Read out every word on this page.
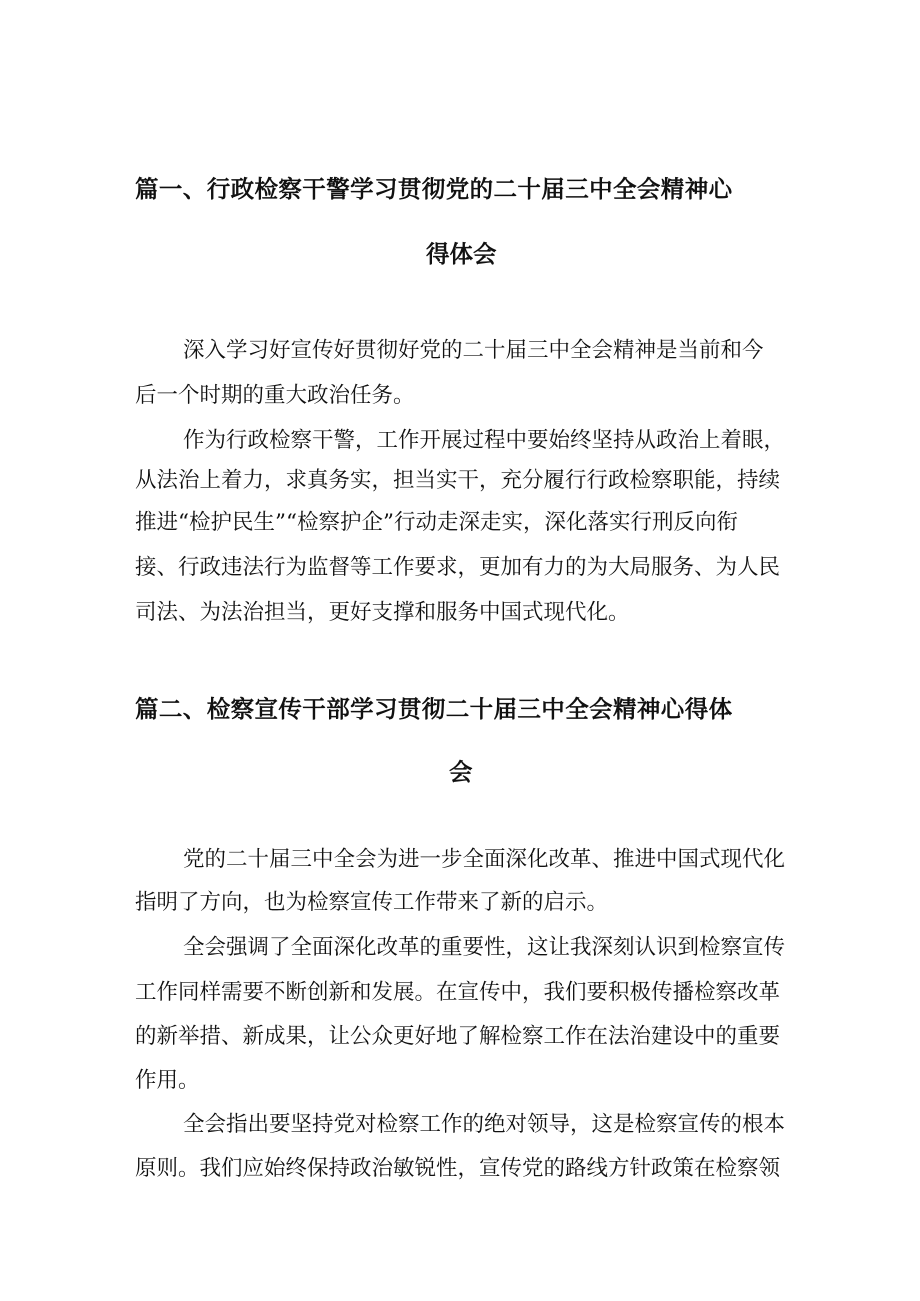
篇一、行政检察干警学习贯彻党的二十届三中全会精神心
得体会

深入学习好宣传好贯彻好党的二十届三中全会精神是当前和今

后一个时期的重大政治任务。

作为行政检察干警，工作开展过程中要始终坚持从政治上着眼，

从法治上着力，求真务实，担当实干，充分履行行政检察职能，持续

推进“检护民生”“检察护企”行动走深走实，深化落实行刑反向衔

接、行政违法行为监督等工作要求，更加有力的为大局服务、为人民

司法、为法治担当，更好支撑和服务中国式现代化。

篇二、检察宣传干部学习贯彻二十届三中全会精神心得体
会

党的二十届三中全会为进一步全面深化改革、推进中国式现代化

指明了方向，也为检察宣传工作带来了新的启示。

全会强调了全面深化改革的重要性，这让我深刻认识到检察宣传

工作同样需要不断创新和发展。在宣传中，我们要积极传播检察改革

的新举措、新成果，让公众更好地了解检察工作在法治建设中的重要

作用。

全会指出要坚持党对检察工作的绝对领导，这是检察宣传的根本

原则。我们应始终保持政治敏锐性，宣传党的路线方针政策在检察领
